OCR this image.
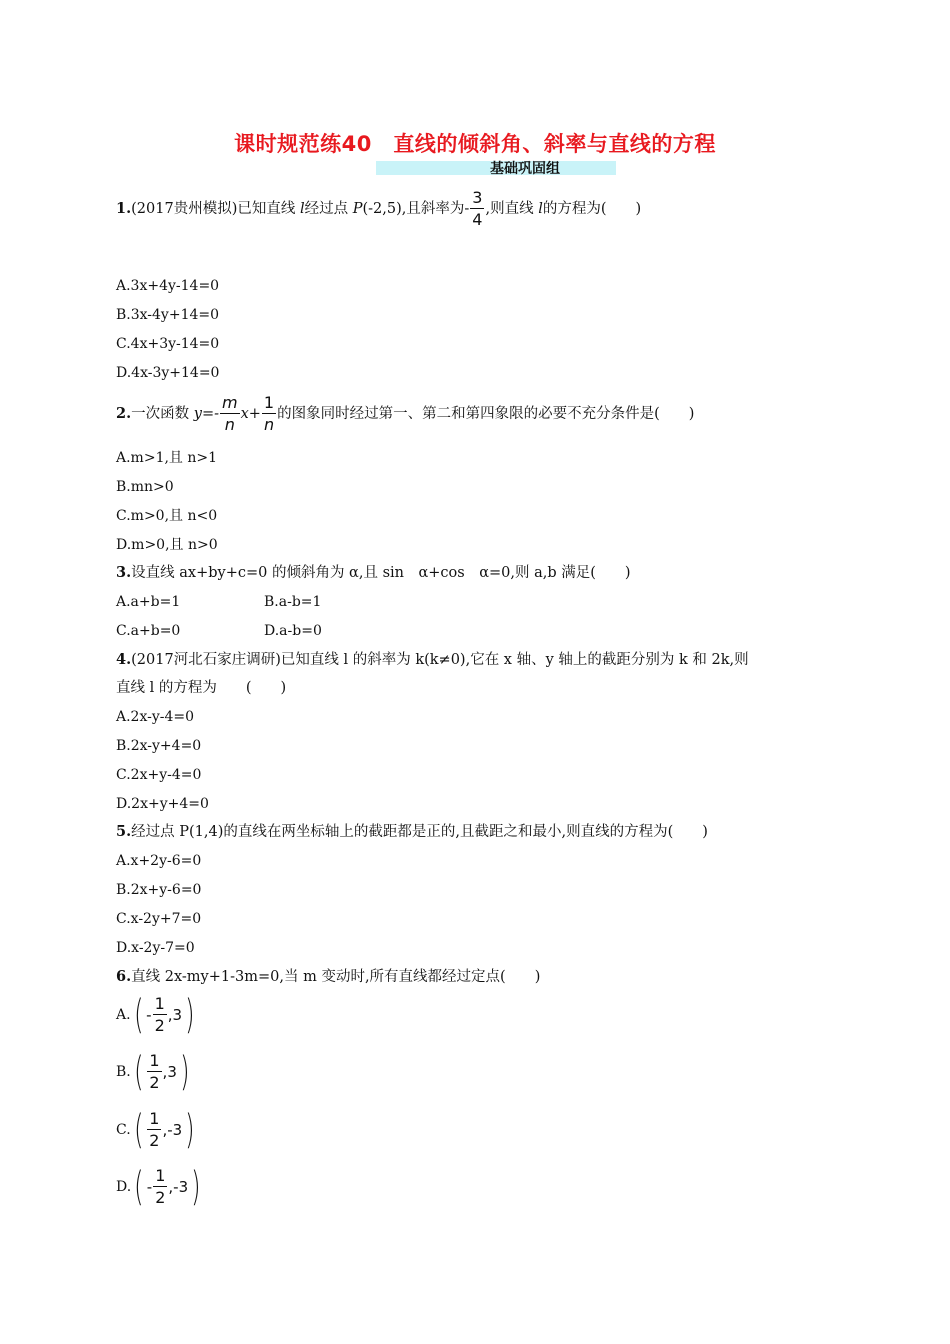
课时规范练40　直线的倾斜角、斜率与直线的方程
基础巩固组
1.(2017贵州模拟)已知直线 l经过点 P(-2,5),且斜率为- $\frac{3}{4}$ ,则直线 l的方程为(　　)
A.3x+4y-14=0
B.3x-4y+14=0
C.4x+3y-14=0
D.4x-3y+14=0
2.一次函数 $y=- \frac{m}{n} x+ \frac{1}{n}$ 的图象同时经过第一、第二和第四象限的必要不充分条件是(　　)
A.m>1,且 n>1
B.mn>0
C.m>0,且 n<0
D.m>0,且 n>0
3.设直线 ax+by+c=0 的倾斜角为 α,且 sin　α+cos　α=0,则 a,b 满足(　　)
A.a+b=1	B.a-b=1
C.a+b=0	D.a-b=0
4.(2017河北石家庄调研)已知直线 l 的斜率为 k(k≠0),它在 x 轴、y 轴上的截距分别为 k 和 2k,则
直线 l 的方程为　　(　　)
A.2x-y-4=0
B.2x-y+4=0
C.2x+y-4=0
D.2x+y+4=0
5.经过点 P(1,4)的直线在两坐标轴上的截距都是正的,且截距之和最小,则直线的方程为(　　)
A.x+2y-6=0
B.2x+y-6=0
C.x-2y+7=0
D.x-2y-7=0
6.直线 2x-my+1-3m=0,当 m 变动时,所有直线都经过定点(　　)
$A.( - \frac{1}{2} ,3)$
$B.( \frac{1}{2} ,3)$
$C.( \frac{1}{2} ,-3)$
$D.( - \frac{1}{2} ,-3)$
